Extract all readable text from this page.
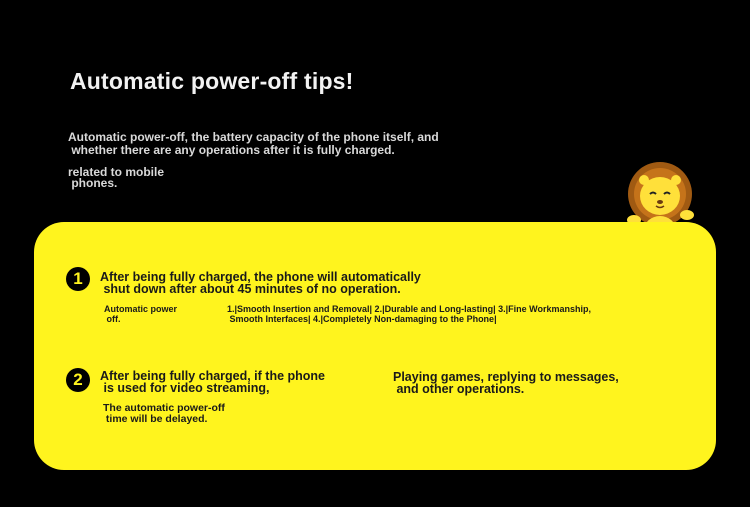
Automatic power-off tips!
Automatic power-off, the battery capacity of the phone itself, and
whether there are any operations after it is fully charged.
related to mobile
phones.
1	After being fully charged, the phone will automatically
shut down after about 45 minutes of no operation.
Automatic power
off.
1.|Smooth Insertion and Removal| 2.|Durable and Long-lasting| 3.|Fine Workmanship,
Smooth Interfaces| 4.|Completely Non-damaging to the Phone|
2	After being fully charged, if the phone
is used for video streaming,
Playing games, replying to messages,
and other operations.
The automatic power-off
time will be delayed.
